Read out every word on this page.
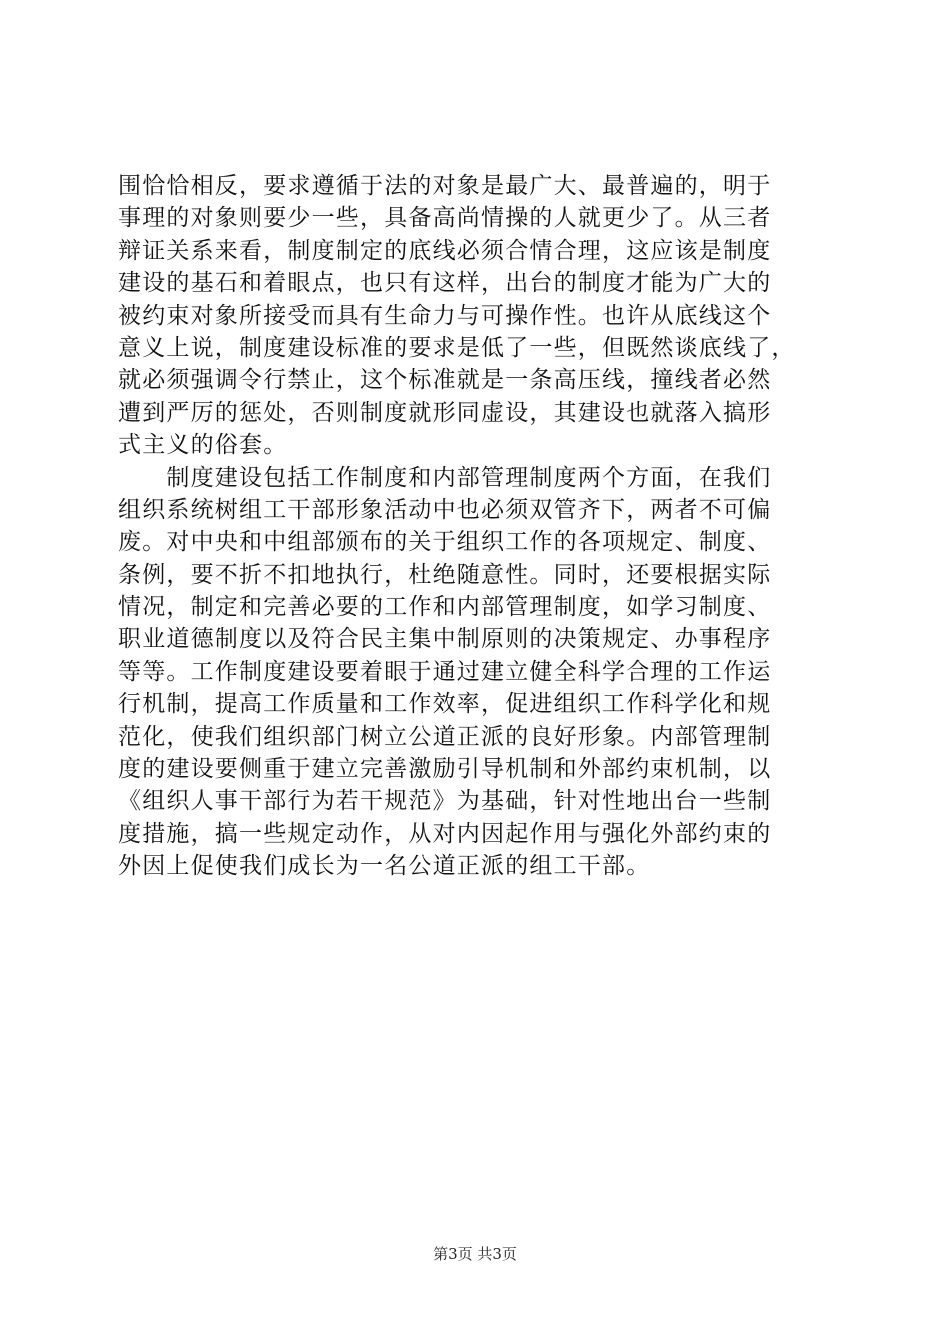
围恰恰相反，要求遵循于法的对象是最广大、最普遍的，明于
事理的对象则要少一些，具备高尚情操的人就更少了。从三者
辩证关系来看，制度制定的底线必须合情合理，这应该是制度
建设的基石和着眼点，也只有这样，出台的制度才能为广大的
被约束对象所接受而具有生命力与可操作性。也许从底线这个
意义上说，制度建设标准的要求是低了一些，但既然谈底线了，
就必须强调令行禁止，这个标准就是一条高压线，撞线者必然
遭到严厉的惩处，否则制度就形同虚设，其建设也就落入搞形
式主义的俗套。
　　制度建设包括工作制度和内部管理制度两个方面，在我们
组织系统树组工干部形象活动中也必须双管齐下，两者不可偏
废。对中央和中组部颁布的关于组织工作的各项规定、制度、
条例，要不折不扣地执行，杜绝随意性。同时，还要根据实际
情况，制定和完善必要的工作和内部管理制度，如学习制度、
职业道德制度以及符合民主集中制原则的决策规定、办事程序
等等。工作制度建设要着眼于通过建立健全科学合理的工作运
行机制，提高工作质量和工作效率，促进组织工作科学化和规
范化，使我们组织部门树立公道正派的良好形象。内部管理制
度的建设要侧重于建立完善激励引导机制和外部约束机制，以
《组织人事干部行为若干规范》为基础，针对性地出台一些制
度措施，搞一些规定动作，从对内因起作用与强化外部约束的
外因上促使我们成长为一名公道正派的组工干部。
第3页 共3页
